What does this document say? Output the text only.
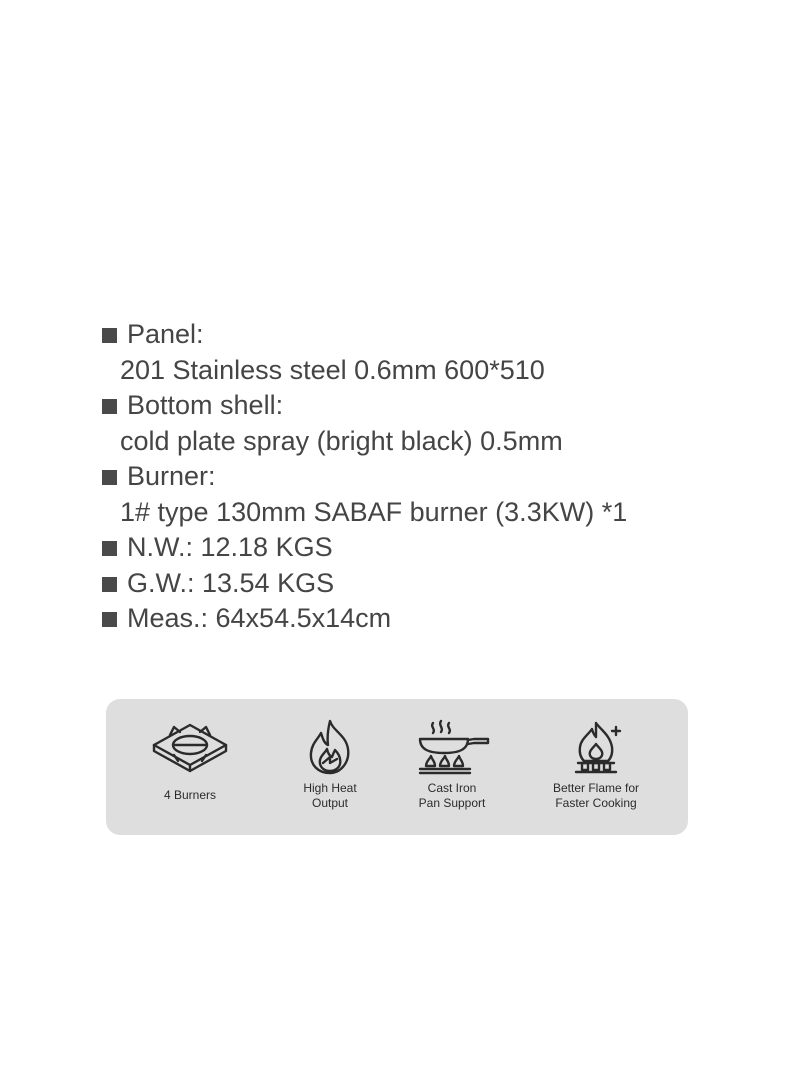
Panel:
201 Stainless steel 0.6mm 600*510
Bottom shell:
cold plate spray (bright black) 0.5mm
Burner:
1# type 130mm SABAF burner (3.3KW) *1
N.W.: 12.18 KGS
G.W.: 13.54 KGS
Meas.: 64x54.5x14cm
4 Burners	High Heat
Output
Cast Iron
Pan Support
Better Flame for
Faster Cooking
